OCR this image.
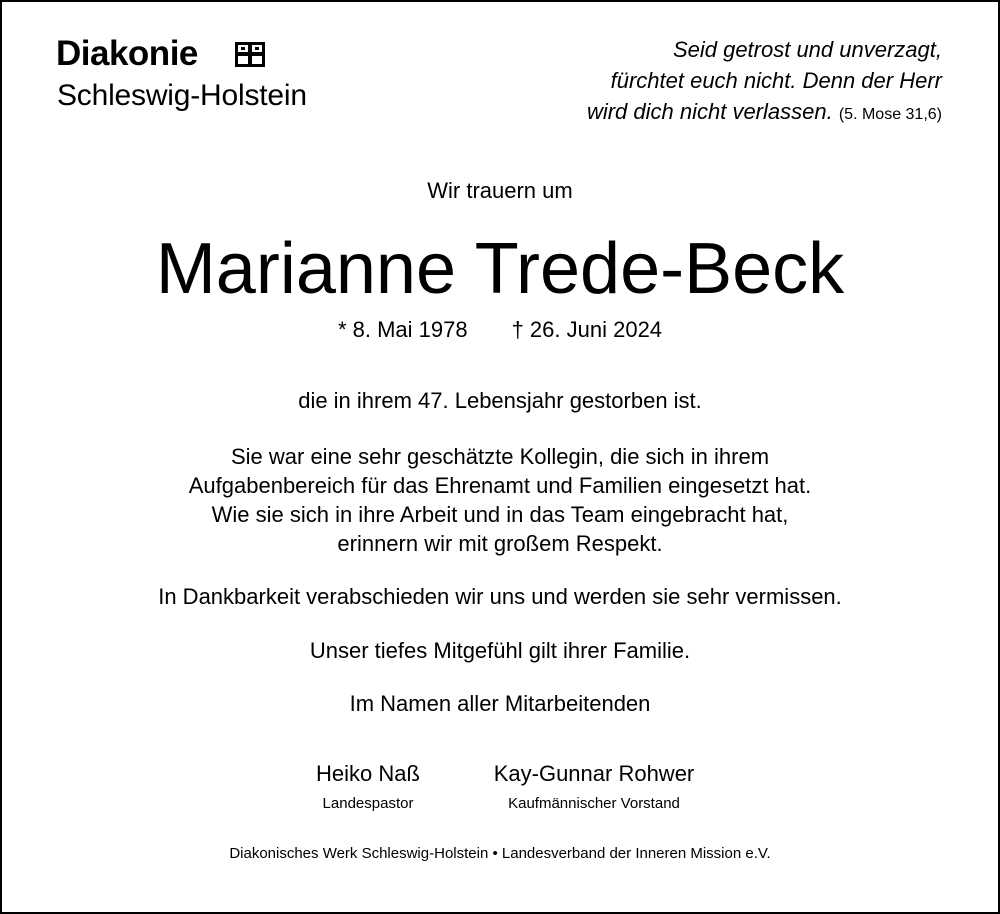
Diakonie
Schleswig-Holstein
Seid getrost und unverzagt,
fürchtet euch nicht. Denn der Herr
wird dich nicht verlassen. (5. Mose 31,6)
Wir trauern um
Marianne Trede-Beck
* 8. Mai 1978 † 26. Juni 2024
die in ihrem 47. Lebensjahr gestorben ist.
Sie war eine sehr geschätzte Kollegin, die sich in ihrem
Aufgabenbereich für das Ehrenamt und Familien eingesetzt hat.
Wie sie sich in ihre Arbeit und in das Team eingebracht hat,
erinnern wir mit großem Respekt.
In Dankbarkeit verabschieden wir uns und werden sie sehr vermissen.
Unser tiefes Mitgefühl gilt ihrer Familie.
Im Namen aller Mitarbeitenden
Heiko Naß
Landespastor
Kay-Gunnar Rohwer
Kaufmännischer Vorstand
Diakonisches Werk Schleswig-Holstein • Landesverband der Inneren Mission e.V.
